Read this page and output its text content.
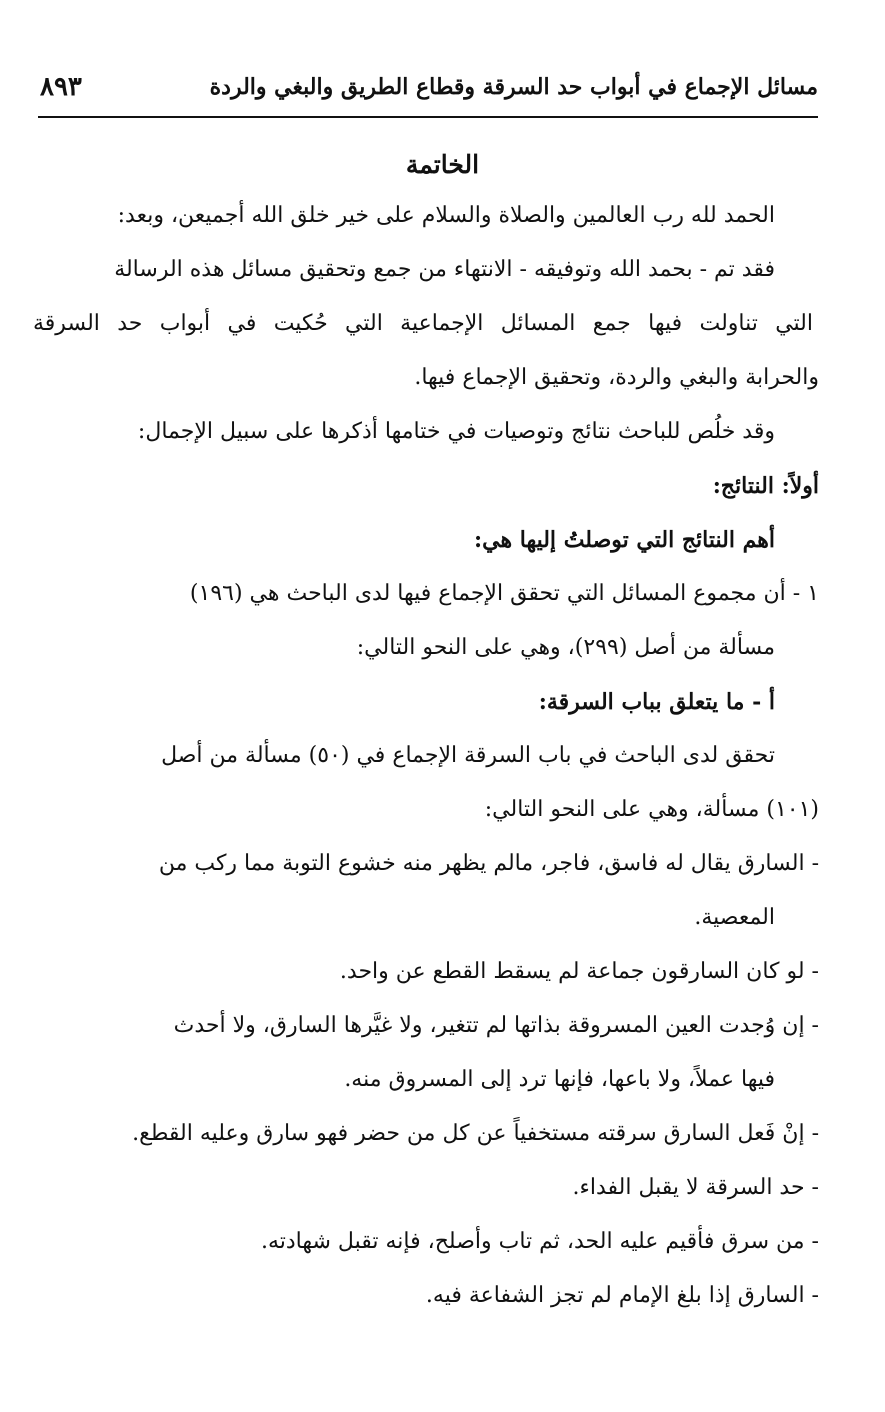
مسائل الإجماع في أبواب حد السرقة وقطاع الطريق والبغي والردة
٨٩٣
الخاتمة
الحمد لله رب العالمين والصلاة والسلام على خير خلق الله أجميعن، وبعد:
فقد تم - بحمد الله وتوفيقه - الانتهاء من جمع وتحقيق مسائل هذه الرسالة
التي تناولت فيها جمع المسائل الإجماعية التي حُكيت في أبواب حد السرقة
والحرابة والبغي والردة، وتحقيق الإجماع فيها.
وقد خلُص للباحث نتائج وتوصيات في ختامها أذكرها على سبيل الإجمال:
أولاً: النتائج:
أهم النتائج التي توصلتُ إليها هي:
١ - أن مجموع المسائل التي تحقق الإجماع فيها لدى الباحث هي (١٩٦)
مسألة من أصل (٢٩٩)، وهي على النحو التالي:
أ - ما يتعلق بباب السرقة:
تحقق لدى الباحث في باب السرقة الإجماع في (٥٠) مسألة من أصل
(١٠١) مسألة، وهي على النحو التالي:
- السارق يقال له فاسق، فاجر، مالم يظهر منه خشوع التوبة مما ركب من
المعصية.
- لو كان السارقون جماعة لم يسقط القطع عن واحد.
- إن وُجدت العين المسروقة بذاتها لم تتغير، ولا غيَّرها السارق، ولا أحدث
فيها عملاً، ولا باعها، فإنها ترد إلى المسروق منه.
- إنْ فَعل السارق سرقته مستخفياً عن كل من حضر فهو سارق وعليه القطع.
- حد السرقة لا يقبل الفداء.
- من سرق فأقيم عليه الحد، ثم تاب وأصلح، فإنه تقبل شهادته.
- السارق إذا بلغ الإمام لم تجز الشفاعة فيه.
